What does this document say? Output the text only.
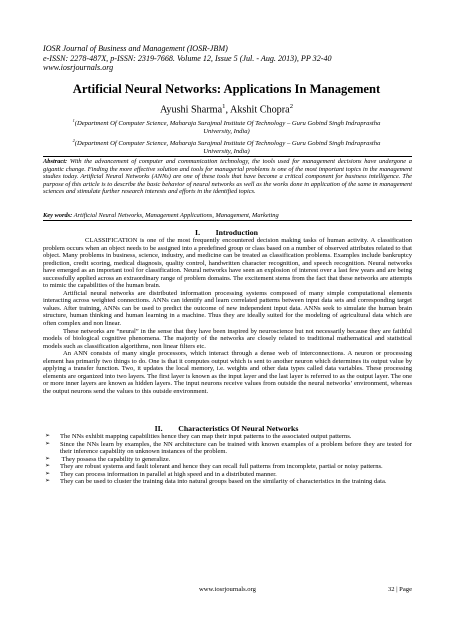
IOSR Journal of Business and Management (IOSR-JBM)
e-ISSN: 2278-487X, p-ISSN: 2319-7668. Volume 12, Issue 5 (Jul. - Aug. 2013), PP 32-40
www.iosrjournals.org
Artificial Neural Networks: Applications In Management
Ayushi Sharma$^1$, Akshit Chopra$^2$
$^1$(Department Of Computer Science, Maharaja Surajmal Institute Of Technology – Guru Gobind Singh Indraprastha University, India)
$^2$(Department Of Computer Science, Maharaja Surajmal Institute Of Technology – Guru Gobind Singh Indraprastha University, India)
Abstract: With the advancement of computer and communication technology, the tools used for management decisions have undergone a gigantic change. Finding the more effective solution and tools for managerial problems is one of the most important topics in the management studies today. Artificial Neural Networks (ANNs) are one of these tools that have become a critical component for business intelligence. The purpose of this article is to describe the basic behavior of neural networks as well as the works done in application of the same in management sciences and stimulate further research interests and efforts in the identified topics.
Key words: Artificial Neural Networks, Management Applications, Management, Marketing
I.        Introduction

CLASSIFICATION is one of the most frequently encountered decision making tasks of human activity. A classification problem occurs when an object needs to be assigned into a predefined group or class based on a number of observed attributes related to that object. Many problems in business, science, industry, and medicine can be treated as classification problems. Examples include bankruptcy prediction, credit scoring, medical diagnosis, quality control, handwritten character recognition, and speech recognition. Neural networks have emerged as an important tool for classification. Neural networks have seen an explosion of interest over a last few years and are being successfully applied across an extraordinary range of problem domains. The excitement stems from the fact that these networks are attempts to mimic the capabilities of the human brain.

Artificial neural networks are distributed information processing systems composed of many simple computational elements interacting across weighted connections. ANNs can identify and learn correlated patterns between input data sets and corresponding target values. After training, ANNs can be used to predict the outcome of new independent input data. ANNs seek to simulate the human brain structure, human thinking and human learning in a machine. Thus they are ideally suited for the modeling of agricultural data which are often complex and non linear.

These networks are “neural” in the sense that they have been inspired by neuroscience but not necessarily because they are faithful models of biological cognitive phenomena. The majority of the networks are closely related to traditional mathematical and statistical models such as classification algorithms, non linear filters etc.

An ANN consists of many single processors, which interact through a dense web of interconnections. A neuron or processing element has primarily two things to do. One is that it computes output which is sent to another neuron which determines its output value by applying a transfer function. Two, it updates the local memory, i.e. weights and other data types called data variables. These processing elements are organized into two layers. The first layer is known as the input layer and the last layer is referred to as the output layer. The one or more inner layers are known as hidden layers. The input neurons receive values from outside the neural networks’ environment, whereas the output neurons send the values to this outside environment.

II.        Characteristics Of Neural Networks
➢ The NNs exhibit mapping capabilities hence they can map their input patterns to the associated output patterns.
➢ Since the NNs learn by examples, the NN architecture can be trained with known examples of a problem before they are tested for their inference capability on unknown instances of the problem.
➢ They possess the capability to generalize.
➢ They are robust systems and fault tolerant and hence they can recall full patterns from incomplete, partial or noisy patterns.
➢ They can process information in parallel at high speed and in a distributed manner.
➢ They can be used to cluster the training data into natural groups based on the similarity of characteristics in the training data.
www.iosrjournals.org	32 | Page
